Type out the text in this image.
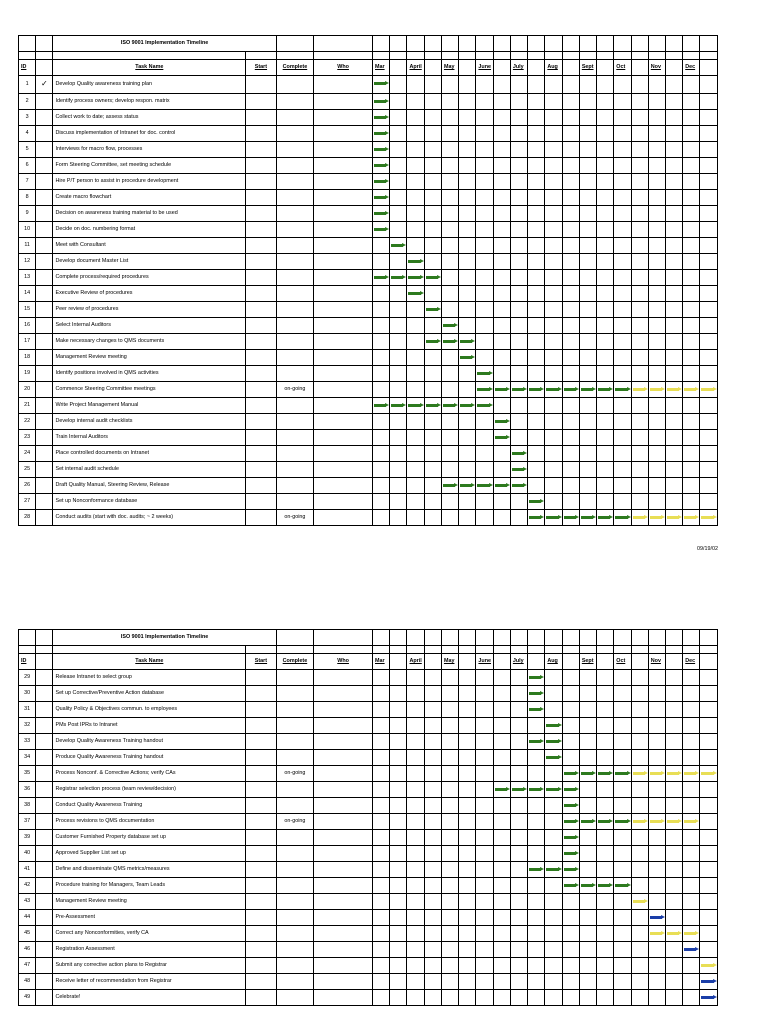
		ISO 9001 Implementation Timeline																							

ID		Task Name	Start	Complete	Who	Mar		April		May		June		July		Aug		Sept		Oct		Nov		Dec	
1	✓	Develop Quality awareness training plan				

2		Identify process owners; develop respon. matrix				

3		Collect work to date; assess status				

4		Discuss implementation of Intranet for doc. control				

5		Interviews for macro flow, processes				

6		Form Steering Committee, set meeting schedule				

7		Hire P/T person to assist in procedure development				

8		Create macro flowchart				

9		Decision on awareness training material to be used				

10		Decide on doc. numbering format				

11		Meet with Consultant					

12		Develop document Master List						

13		Complete process/required procedures				

14		Executive Review of procedures						

15		Peer review of procedures							

16		Select Internal Auditors								

17		Make necessary changes to QMS documents							

18		Management Review meeting									

19		Identify positions involved in QMS activities										

20		Commence Steering Committee meetings		on-going								

21		Write Project Management Manual				

22		Develop internal audit checklists											

23		Train Internal Auditors											

24		Place controlled documents on Intranet												

25		Set internal audit schedule												

26		Draft Quality Manual, Steering Review, Release								

27		Set up Nonconformance database													

28		Conduct audits (start with doc. audits; ~ 2 weeks)		on-going											

09/19/02
		ISO 9001 Implementation Timeline																							

ID		Task Name	Start	Complete	Who	Mar		April		May		June		July		Aug		Sept		Oct		Nov		Dec	
29		Release Intranet to select group													

30		Set up Corrective/Preventive Action database													

31		Quality Policy & Objectives commun. to employees													

32		PMs Post IPRs to Intranet														

33		Develop Quality Awareness Training handout													

34		Produce Quality Awareness Training handout														

35		Process Nonconf. & Corrective Actions; verify CAs		on-going													

36		Registrar selection process (team review/decision)											

38		Conduct Quality Awareness Training															

37		Process revisions to QMS documentation		on-going													

39		Customer Furnished Property database set up															

40		Approved Supplier List set up															

41		Define and disseminate QMS metrics/measures													

42		Procedure training for Managers, Team Leads															

43		Management Review meeting																			

44		Pre-Assessment																				

45		Correct any Nonconformities, verify CA																				

46		Registration Assessment																						

47		Submit any corrective action plans to Registrar																							

48		Receive letter of recommendation from Registrar																							

49		Celebrate!																							
